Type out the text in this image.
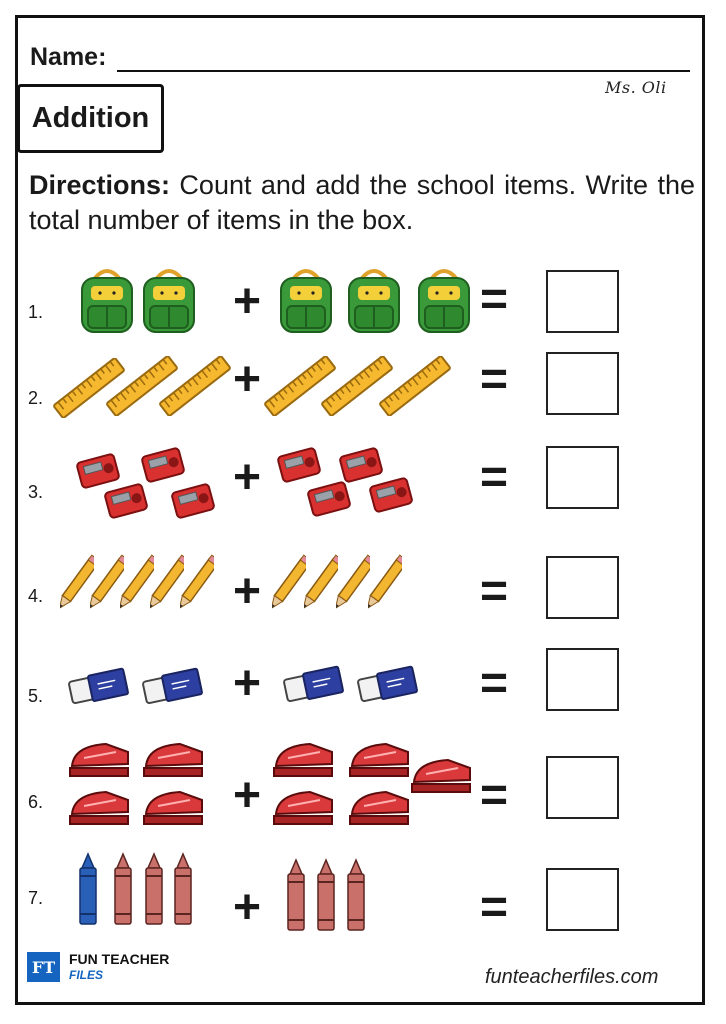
Name:
Ms. Oli
Addition
Directions: Count and add the school items. Write the total number of items in the box.
1.	+	=
2.	+	=
3.	+	=
4.	+	=
5.	+	=
6.	+	=
7.	+	=
FT FUN TEACHER
FILES	funteacherfiles.com
